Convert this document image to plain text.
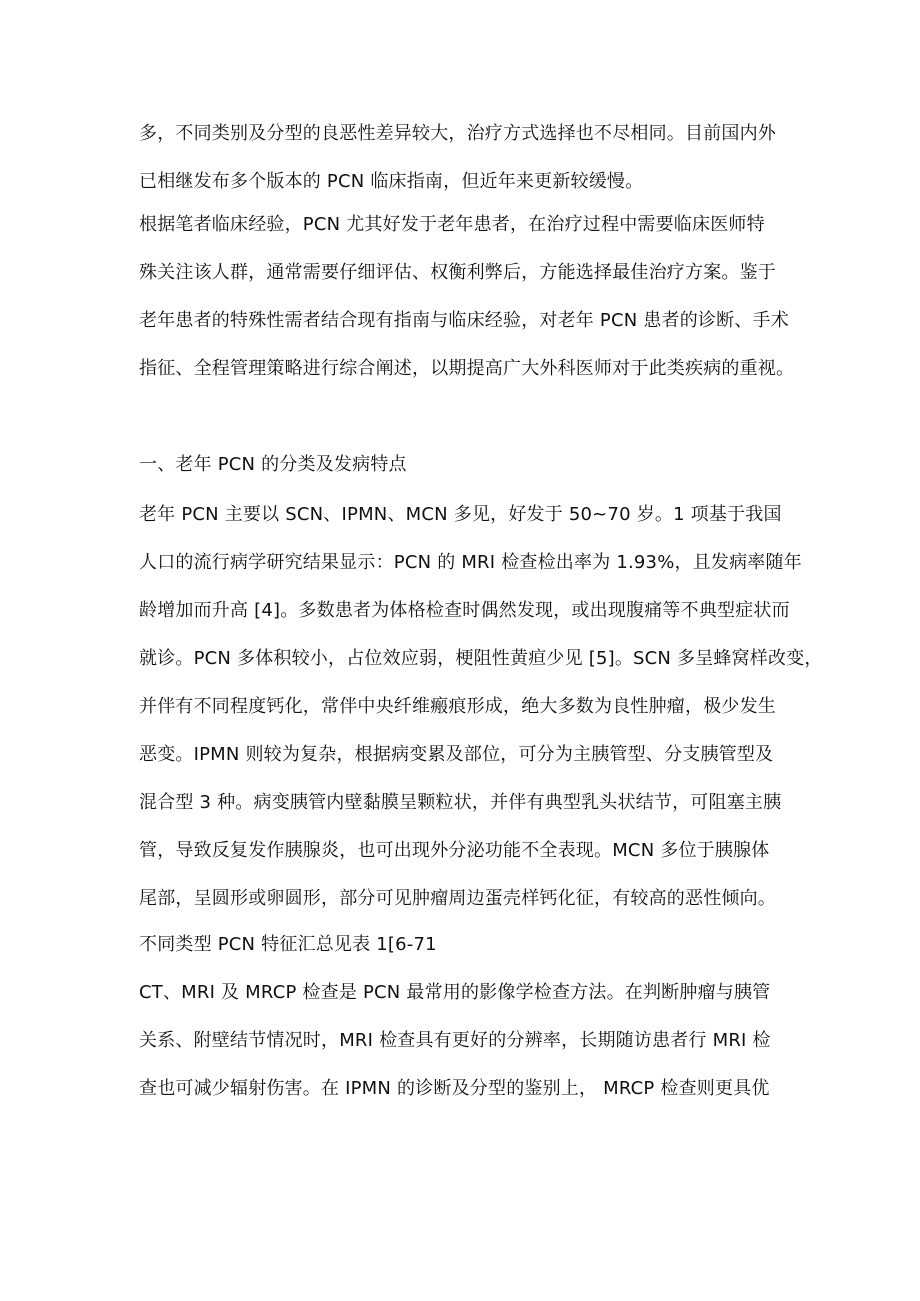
多，不同类别及分型的良恶性差异较大，治疗方式选择也不尽相同。目前国内外
已相继发布多个版本的 PCN 临床指南，但近年来更新较缓慢。
根据笔者临床经验，PCN 尤其好发于老年患者，在治疗过程中需要临床医师特
殊关注该人群，通常需要仔细评估、权衡利弊后，方能选择最佳治疗方案。鉴于
老年患者的特殊性需者结合现有指南与临床经验，对老年 PCN 患者的诊断、手术
指征、全程管理策略进行综合阐述，以期提高广大外科医师对于此类疾病的重视。
一、老年 PCN 的分类及发病特点
老年 PCN 主要以 SCN、IPMN、MCN 多见，好发于 50~70 岁。1 项基于我国
人口的流行病学研究结果显示：PCN 的 MRI 检查检出率为 1.93%，且发病率随年
龄增加而升高 [4]。多数患者为体格检查时偶然发现，或出现腹痛等不典型症状而
就诊。PCN 多体积较小，占位效应弱，梗阻性黄疸少见 [5]。SCN 多呈蜂窝样改变，
并伴有不同程度钙化，常伴中央纤维瘢痕形成，绝大多数为良性肿瘤，极少发生
恶变。IPMN 则较为复杂，根据病变累及部位，可分为主胰管型、分支胰管型及
混合型 3 种。病变胰管内壁黏膜呈颗粒状，并伴有典型乳头状结节，可阻塞主胰
管，导致反复发作胰腺炎，也可出现外分泌功能不全表现。MCN 多位于胰腺体
尾部，呈圆形或卵圆形，部分可见肿瘤周边蛋壳样钙化征，有较高的恶性倾向。
不同类型 PCN 特征汇总见表 1[6-71
CT、MRI 及 MRCP 检查是 PCN 最常用的影像学检查方法。在判断肿瘤与胰管
关系、附壁结节情况时，MRI 检查具有更好的分辨率，长期随访患者行 MRI 检
查也可减少辐射伤害。在 IPMN 的诊断及分型的鉴别上， MRCP 检查则更具优
